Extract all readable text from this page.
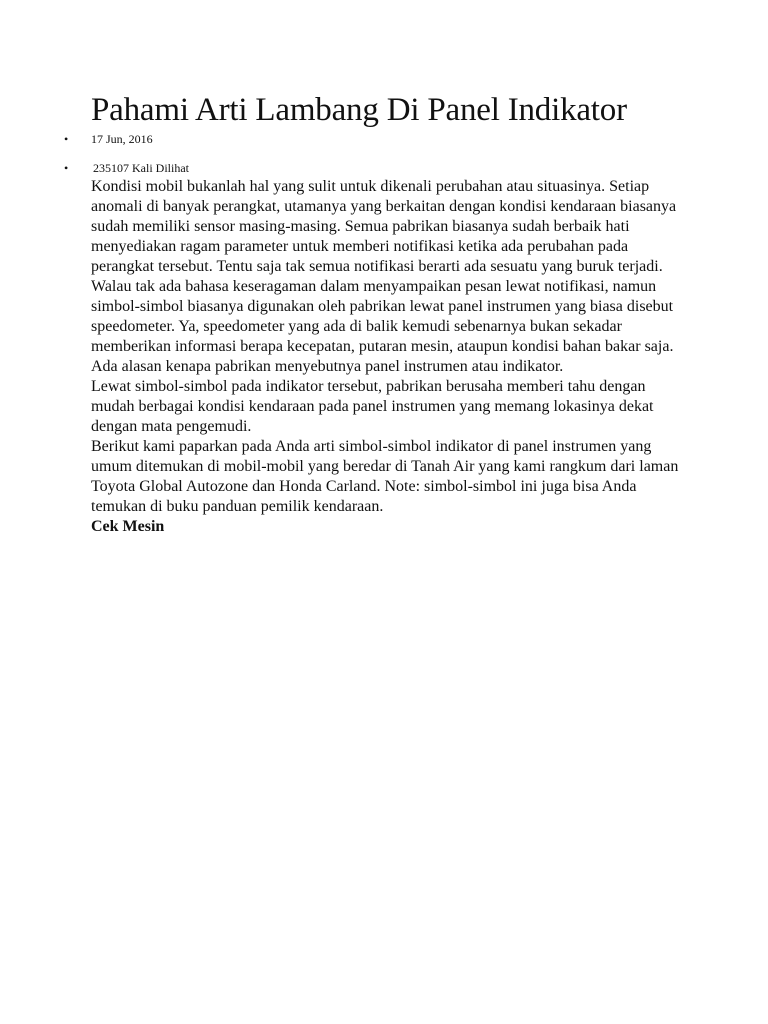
Pahami Arti Lambang Di Panel Indikator
• 17 Jun, 2016
• 235107 Kali Dilihat

Kondisi mobil bukanlah hal yang sulit untuk dikenali perubahan atau situasinya. Setiap anomali di banyak perangkat, utamanya yang berkaitan dengan kondisi kendaraan biasanya sudah memiliki sensor masing-masing. Semua pabrikan biasanya sudah berbaik hati menyediakan ragam parameter untuk memberi notifikasi ketika ada perubahan pada perangkat tersebut. Tentu saja tak semua notifikasi berarti ada sesuatu yang buruk terjadi.

Walau tak ada bahasa keseragaman dalam menyampaikan pesan lewat notifikasi, namun simbol-simbol biasanya digunakan oleh pabrikan lewat panel instrumen yang biasa disebut speedometer. Ya, speedometer yang ada di balik kemudi sebenarnya bukan sekadar memberikan informasi berapa kecepatan, putaran mesin, ataupun kondisi bahan bakar saja. Ada alasan kenapa pabrikan menyebutnya panel instrumen atau indikator.

Lewat simbol-simbol pada indikator tersebut, pabrikan berusaha memberi tahu dengan mudah berbagai kondisi kendaraan pada panel instrumen yang memang lokasinya dekat dengan mata pengemudi.

Berikut kami paparkan pada Anda arti simbol-simbol indikator di panel instrumen yang umum ditemukan di mobil-mobil yang beredar di Tanah Air yang kami rangkum dari laman Toyota Global Autozone dan Honda Carland. Note: simbol-simbol ini juga bisa Anda temukan di buku panduan pemilik kendaraan.

Cek Mesin
